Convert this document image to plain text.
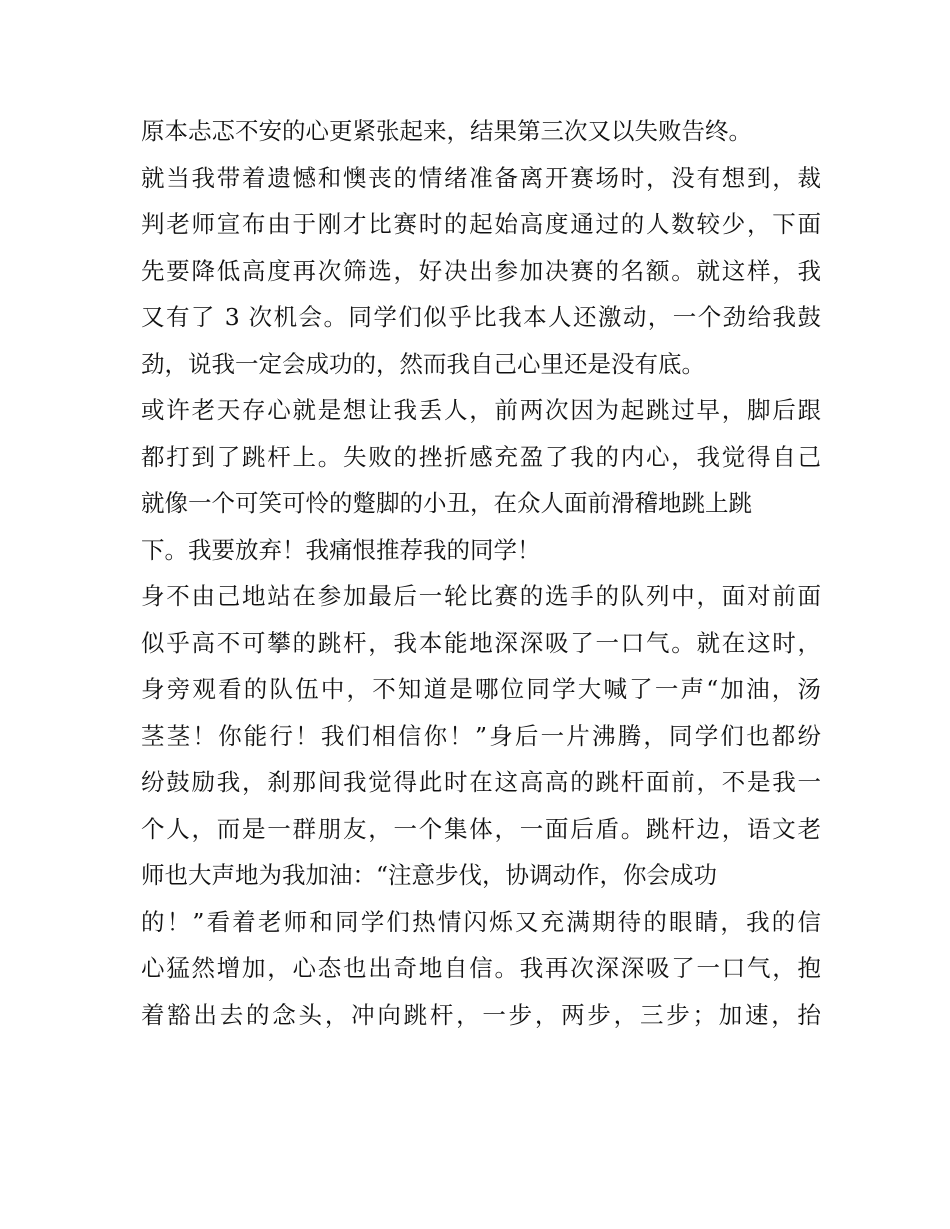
原本忐忑不安的心更紧张起来，结果第三次又以失败告终。
就当我带着遗憾和懊丧的情绪准备离开赛场时，没有想到，裁
判老师宣布由于刚才比赛时的起始高度通过的人数较少，下面
先要降低高度再次筛选，好决出参加决赛的名额。就这样，我
又有了 3 次机会。同学们似乎比我本人还激动，一个劲给我鼓
劲，说我一定会成功的，然而我自己心里还是没有底。
或许老天存心就是想让我丢人，前两次因为起跳过早，脚后跟
都打到了跳杆上。失败的挫折感充盈了我的内心，我觉得自己
就像一个可笑可怜的蹩脚的小丑，在众人面前滑稽地跳上跳
下。我要放弃！我痛恨推荐我的同学！
身不由己地站在参加最后一轮比赛的选手的队列中，面对前面
似乎高不可攀的跳杆，我本能地深深吸了一口气。就在这时，
身旁观看的队伍中，不知道是哪位同学大喊了一声“加油，汤
茎茎！你能行！我们相信你！”身后一片沸腾，同学们也都纷
纷鼓励我，刹那间我觉得此时在这高高的跳杆面前，不是我一
个人，而是一群朋友，一个集体，一面后盾。跳杆边，语文老
师也大声地为我加油：“注意步伐，协调动作，你会成功
的！”看着老师和同学们热情闪烁又充满期待的眼睛，我的信
心猛然增加，心态也出奇地自信。我再次深深吸了一口气，抱
着豁出去的念头，冲向跳杆，一步，两步，三步；加速，抬
